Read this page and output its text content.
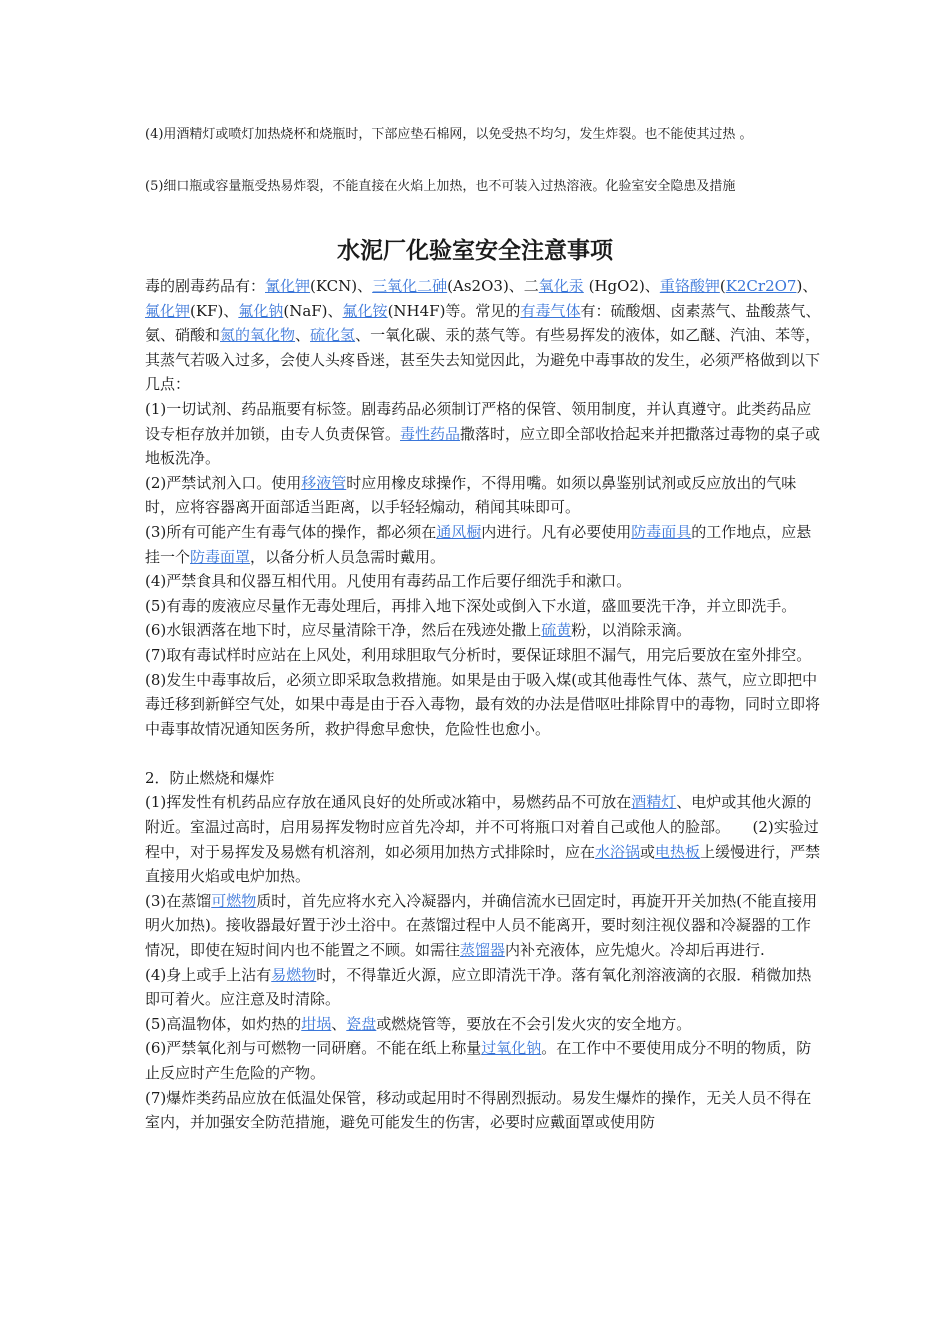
(4)用酒精灯或喷灯加热烧杯和烧瓶时，下部应垫石棉网，以免受热不均匀，发生炸裂。也不能使其过热 。
(5)细口瓶或容量瓶受热易炸裂，不能直接在火焰上加热，也不可装入过热溶液。化验室安全隐患及措施
水泥厂化验室安全注意事项

毒的剧毒药品有：氰化钾(KCN)、三氧化二砷(As2O3)、二氧化汞 (HgO2)、重铬酸钾(K2Cr2O7)、氟化钾(KF)、氟化钠(NaF)、氟化铵(NH4F)等。常见的有毒气体有：硫酸烟、卤素蒸气、盐酸蒸气、氨、硝酸和氮的氧化物、硫化氢、一氧化碳、汞的蒸气等。有些易挥发的液体，如乙醚、汽油、苯等，其蒸气若吸入过多，会使人头疼昏迷，甚至失去知觉因此，为避免中毒事故的发生，必须严格做到以下几点：

(1)一切试剂、药品瓶要有标签。剧毒药品必须制订严格的保管、领用制度，并认真遵守。此类药品应设专柜存放并加锁，由专人负责保管。毒性药品撒落时，应立即全部收拾起来并把撒落过毒物的桌子或地板洗净。

(2)严禁试剂入口。使用移液管时应用橡皮球操作，不得用嘴。如须以鼻鉴别试剂或反应放出的气味时，应将容器离开面部适当距离，以手轻轻煽动，稍闻其味即可。

(3)所有可能产生有毒气体的操作，都必须在通风橱内进行。凡有必要使用防毒面具的工作地点，应悬挂一个防毒面罩，以备分析人员急需时戴用。

(4)严禁食具和仪器互相代用。凡使用有毒药品工作后要仔细洗手和漱口。

(5)有毒的废液应尽量作无毒处理后，再排入地下深处或倒入下水道，盛皿要洗干净，并立即洗手。

(6)水银洒落在地下时，应尽量清除干净，然后在残迹处撒上硫黄粉，以消除汞滴。

(7)取有毒试样时应站在上风处，利用球胆取气分析时，要保证球胆不漏气，用完后要放在室外排空。

(8)发生中毒事故后，必须立即采取急救措施。如果是由于吸入煤(或其他毒性气体、蒸气，应立即把中毒迁移到新鲜空气处，如果中毒是由于吞入毒物，最有效的办法是借呕吐排除胃中的毒物，同时立即将中毒事故情况通知医务所，救护得愈早愈快，危险性也愈小。

2．防止燃烧和爆炸

(1)挥发性有机药品应存放在通风良好的处所或冰箱中，易燃药品不可放在酒精灯、电炉或其他火源的附近。室温过高时，启用易挥发物时应首先冷却，并不可将瓶口对着自己或他人的脸部。　　(2)实验过程中，对于易挥发及易燃有机溶剂，如必须用加热方式排除时，应在水浴锅或电热板上缓慢进行，严禁直接用火焰或电炉加热。

(3)在蒸馏可燃物质时，首先应将水充入冷凝器内，并确信流水已固定时，再旋开开关加热(不能直接用明火加热)。接收器最好置于沙土浴中。在蒸馏过程中人员不能离开，要时刻注视仪器和冷凝器的工作情况，即使在短时间内也不能置之不顾。如需往蒸馏器内补充液体，应先熄火。冷却后再进行.

(4)身上或手上沾有易燃物时，不得靠近火源，应立即清洗干净。落有氧化剂溶液滴的衣服．稍微加热即可着火。应注意及时清除。

(5)高温物体，如灼热的坩埚、瓷盘或燃烧管等，要放在不会引发火灾的安全地方。

(6)严禁氧化剂与可燃物一同研磨。不能在纸上称量过氧化钠。在工作中不要使用成分不明的物质，防止反应时产生危险的产物。

(7)爆炸类药品应放在低温处保管，移动或起用时不得剧烈振动。易发生爆炸的操作，无关人员不得在室内，并加强安全防范措施，避免可能发生的伤害，必要时应戴面罩或使用防
